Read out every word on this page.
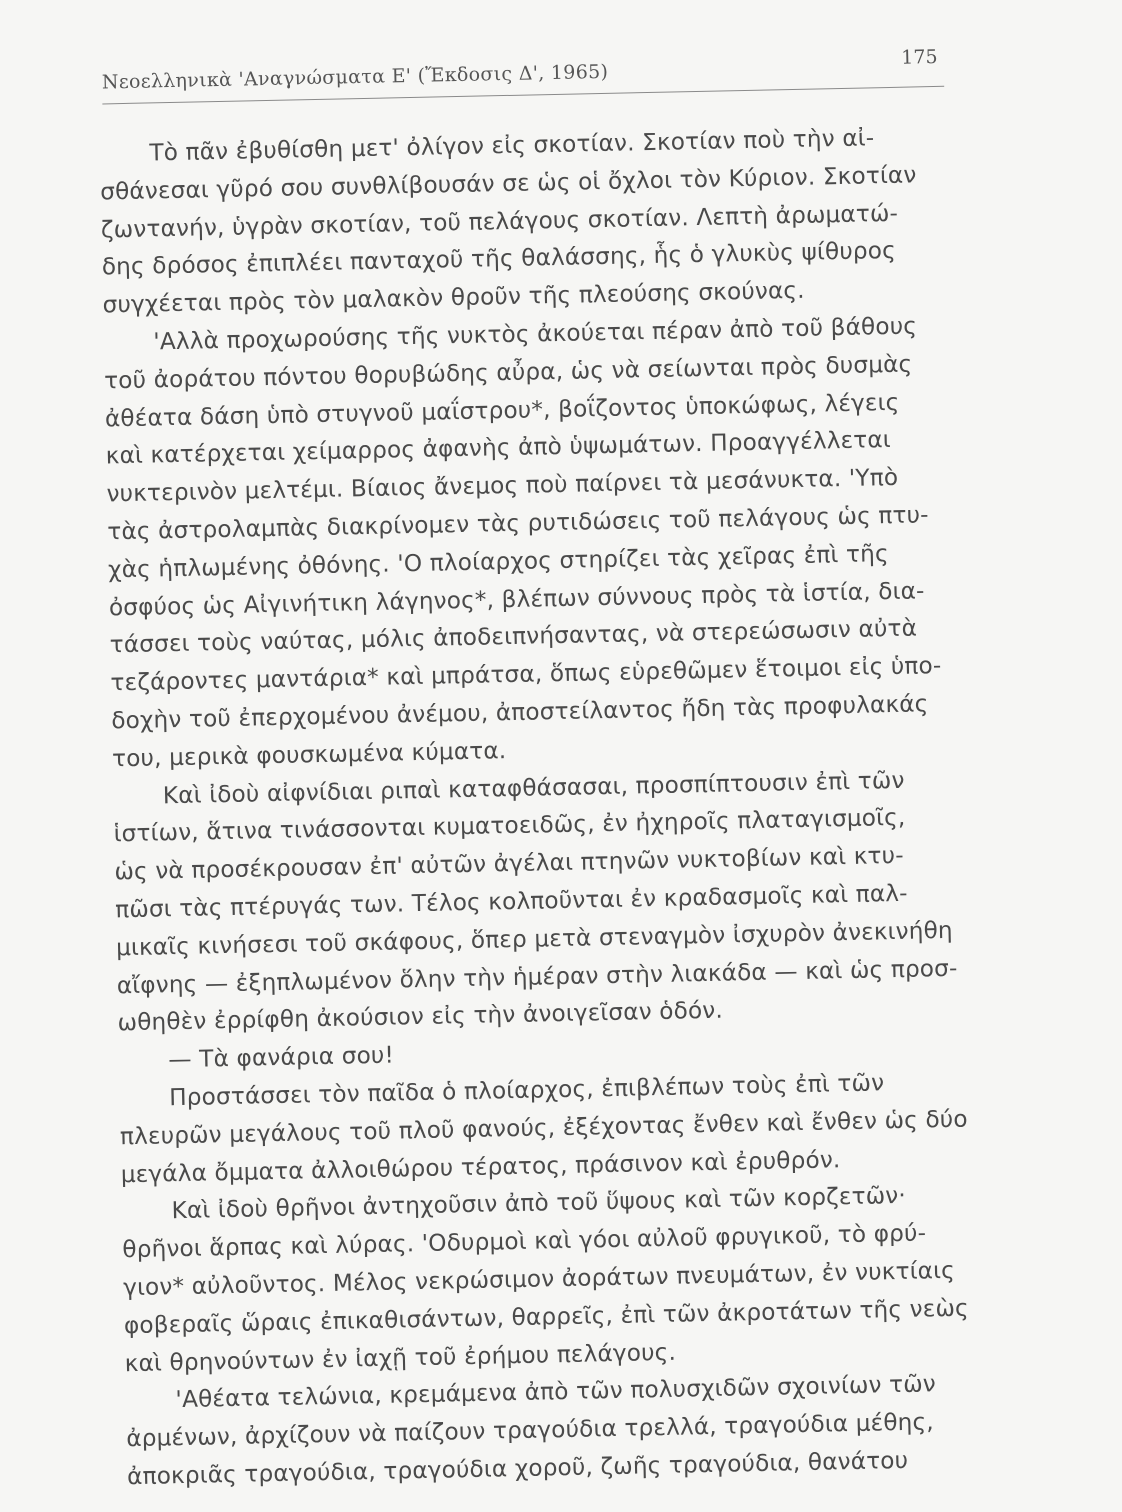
Νεοελληνικὰ 'Αναγνώσματα Ε' (Ἔκδοσις Δ', 1965)
175
Τὸ πᾶν ἐβυθίσθη μετ' ὀλίγον εἰς σκοτίαν. Σκοτίαν ποὺ τὴν αἰ-
σθάνεσαι γῦρό σου συνθλίβουσάν σε ὡς οἱ ὄχλοι τὸν Κύριον. Σκοτίαν
ζωντανήν, ὑγρὰν σκοτίαν, τοῦ πελάγους σκοτίαν. Λεπτὴ ἀρωματώ-
δης δρόσος ἐπιπλέει πανταχοῦ τῆς θαλάσσης, ἧς ὁ γλυκὺς ψίθυρος
συγχέεται πρὸς τὸν μαλακὸν θροῦν τῆς πλεούσης σκούνας.
'Αλλὰ προχωρούσης τῆς νυκτὸς ἀκούεται πέραν ἀπὸ τοῦ βάθους
τοῦ ἀοράτου πόντου θορυβώδης αὖρα, ὡς νὰ σείωνται πρὸς δυσμὰς
ἀθέατα δάση ὑπὸ στυγνοῦ μαΐστρου*, βοΐζοντος ὑποκώφως, λέγεις
καὶ κατέρχεται χείμαρρος ἀφανὴς ἀπὸ ὑψωμάτων. Προαγγέλλεται
νυκτερινὸν μελτέμι. Βίαιος ἄνεμος ποὺ παίρνει τὰ μεσάνυκτα. 'Υπὸ
τὰς ἀστρολαμπὰς διακρίνομεν τὰς ρυτιδώσεις τοῦ πελάγους ὡς πτυ-
χὰς ἡπλωμένης ὀθόνης. 'Ο πλοίαρχος στηρίζει τὰς χεῖρας ἐπὶ τῆς
ὀσφύος ὡς Αἰγινήτικη λάγηνος*, βλέπων σύννους πρὸς τὰ ἱστία, δια-
τάσσει τοὺς ναύτας, μόλις ἀποδειπνήσαντας, νὰ στερεώσωσιν αὐτὰ
τεζάροντες μαντάρια* καὶ μπράτσα, ὅπως εὑρεθῶμεν ἕτοιμοι εἰς ὑπο-
δοχὴν τοῦ ἐπερχομένου ἀνέμου, ἀποστείλαντος ἤδη τὰς προφυλακάς
του, μερικὰ φουσκωμένα κύματα.
Καὶ ἰδοὺ αἰφνίδιαι ριπαὶ καταφθάσασαι, προσπίπτουσιν ἐπὶ τῶν
ἱστίων, ἅτινα τινάσσονται κυματοειδῶς, ἐν ἠχηροῖς πλαταγισμοῖς,
ὡς νὰ προσέκρουσαν ἐπ' αὐτῶν ἀγέλαι πτηνῶν νυκτοβίων καὶ κτυ-
πῶσι τὰς πτέρυγάς των. Τέλος κολποῦνται ἐν κραδασμοῖς καὶ παλ-
μικαῖς κινήσεσι τοῦ σκάφους, ὅπερ μετὰ στεναγμὸν ἰσχυρὸν ἀνεκινήθη
αἴφνης — ἐξηπλωμένον ὅλην τὴν ἡμέραν στὴν λιακάδα — καὶ ὡς προσ-
ωθηθὲν ἐρρίφθη ἀκούσιον εἰς τὴν ἀνοιγεῖσαν ὁδόν.
— Τὰ φανάρια σου!
Προστάσσει τὸν παῖδα ὁ πλοίαρχος, ἐπιβλέπων τοὺς ἐπὶ τῶν
πλευρῶν μεγάλους τοῦ πλοῦ φανούς, ἐξέχοντας ἔνθεν καὶ ἔνθεν ὡς δύο
μεγάλα ὄμματα ἀλλοιθώρου τέρατος, πράσινον καὶ ἐρυθρόν.
Καὶ ἰδοὺ θρῆνοι ἀντηχοῦσιν ἀπὸ τοῦ ὕψους καὶ τῶν κορζετῶν·
θρῆνοι ἅρπας καὶ λύρας. 'Οδυρμοὶ καὶ γόοι αὐλοῦ φρυγικοῦ, τὸ φρύ-
γιον* αὐλοῦντος. Μέλος νεκρώσιμον ἀοράτων πνευμάτων, ἐν νυκτίαις
φοβεραῖς ὥραις ἐπικαθισάντων, θαρρεῖς, ἐπὶ τῶν ἀκροτάτων τῆς νεὼς
καὶ θρηνούντων ἐν ἰαχῇ τοῦ ἐρήμου πελάγους.
'Αθέατα τελώνια, κρεμάμενα ἀπὸ τῶν πολυσχιδῶν σχοινίων τῶν
ἀρμένων, ἀρχίζουν νὰ παίζουν τραγούδια τρελλά, τραγούδια μέθης,
ἀποκριᾶς τραγούδια, τραγούδια χοροῦ, ζωῆς τραγούδια, θανάτου
